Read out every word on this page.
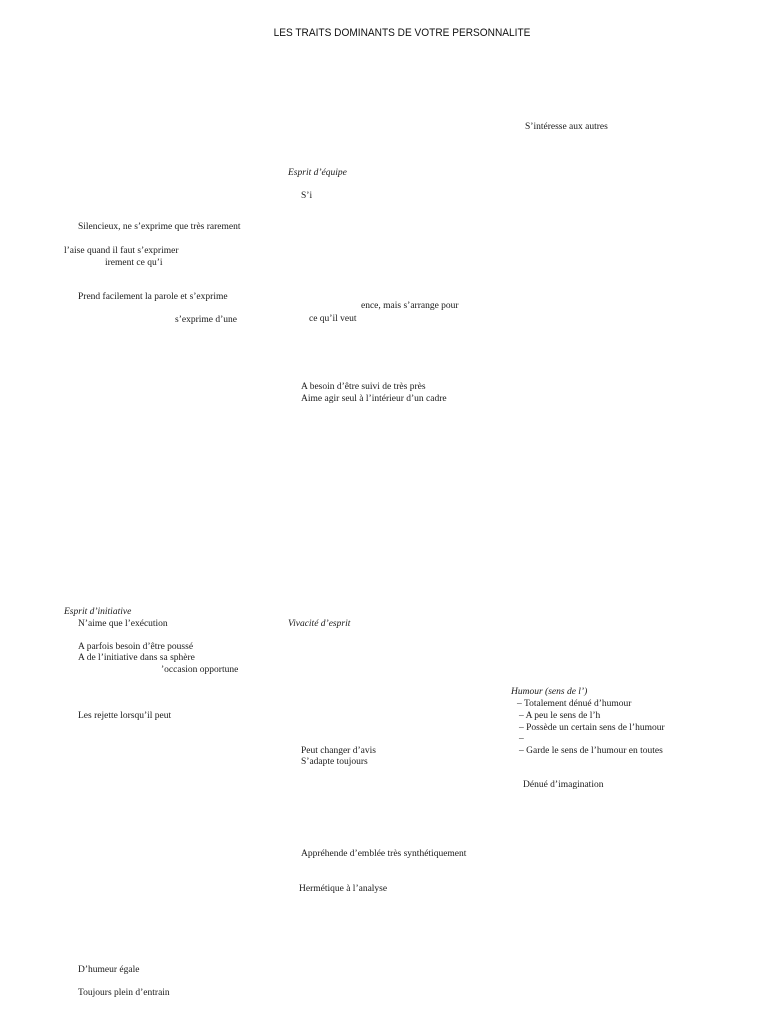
LES TRAITS DOMINANTS DE VOTRE PERSONNALITE
S’intéresse aux autres
Esprit d’équipe
S’i
ence, mais s’arrange pour
ce qu’il veut
A besoin d’être suivi de très près
Aime agir seul à l’intérieur d’un cadre
Silencieux, ne s’exprime que très rarement
l’aise quand il faut s’exprimer
irement ce qu’i
Prend facilement la parole et s’exprime
s’exprime d’une
Esprit d’initiative
N’aime que l’exécution
A parfois besoin d’être poussé
A de l’initiative dans sa sphère
’occasion opportune
Les rejette lorsqu’il peut
Vivacité d’esprit
Peut changer d’avis
S’adapte toujours
Appréhende d’emblée très synthétiquement
Hermétique à l’analyse
Humour (sens de l’)
– Totalement dénué d’humour
– A peu le sens de l’h
– Possède un certain sens de l’humour
–
– Garde le sens de l’humour en toutes
Dénué d’imagination
D’humeur égale
Toujours plein d’entrain
